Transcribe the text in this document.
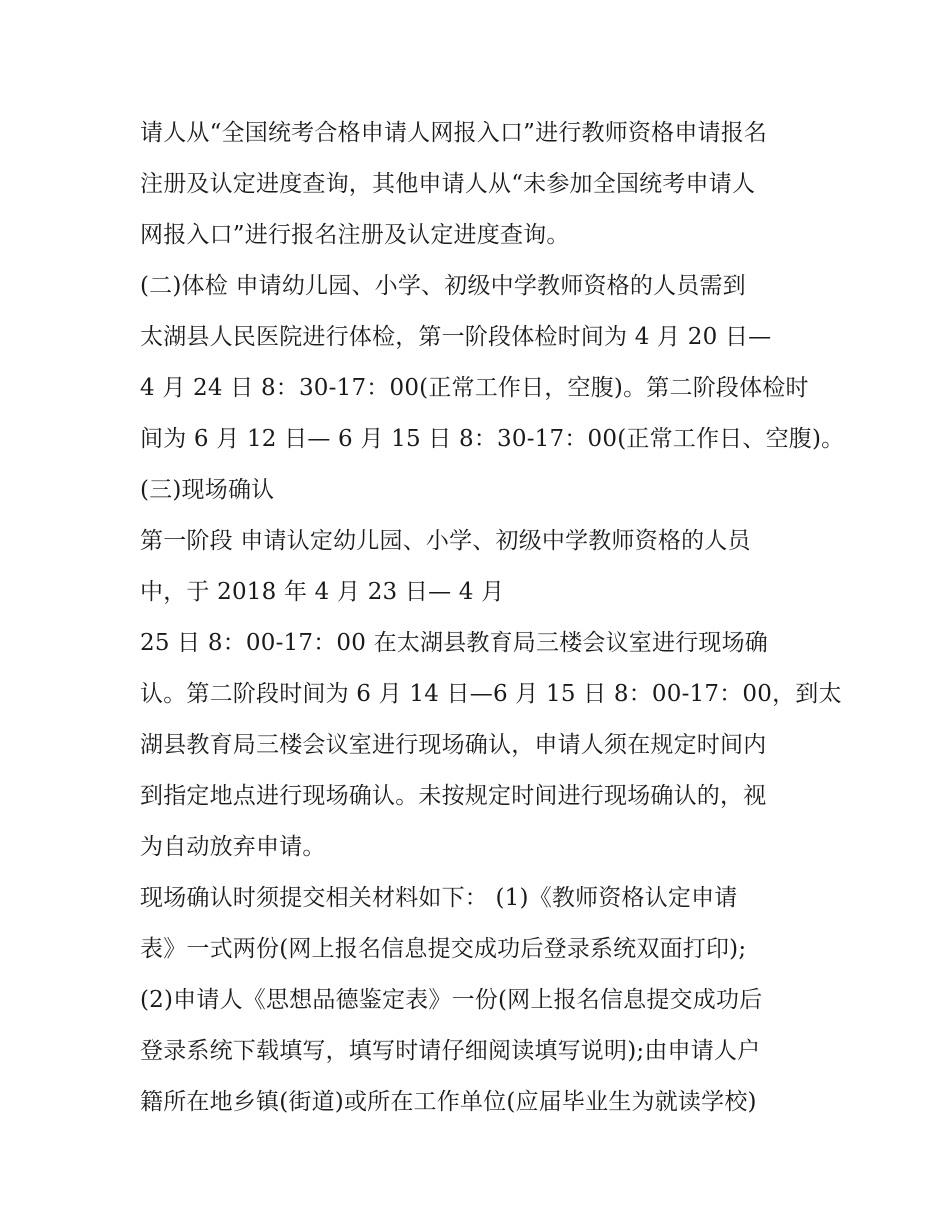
请人从“全国统考合格申请人网报入口”进行教师资格申请报名
注册及认定进度查询，其他申请人从“未参加全国统考申请人
网报入口”进行报名注册及认定进度查询。
(二)体检 申请幼儿园、小学、初级中学教师资格的人员需到
太湖县人民医院进行体检，第一阶段体检时间为 4 月 20 日—
4 月 24 日 8：30-17：00(正常工作日，空腹)。第二阶段体检时
间为 6 月 12 日— 6 月 15 日 8：30-17：00(正常工作日、空腹)。
(三)现场确认
第一阶段 申请认定幼儿园、小学、初级中学教师资格的人员
中，于 2018 年 4 月 23 日— 4 月
25 日 8：00-17：00 在太湖县教育局三楼会议室进行现场确
认。第二阶段时间为 6 月 14 日—6 月 15 日 8：00-17：00，到太
湖县教育局三楼会议室进行现场确认，申请人须在规定时间内
到指定地点进行现场确认。未按规定时间进行现场确认的，视
为自动放弃申请。
现场确认时须提交相关材料如下： (1)《教师资格认定申请
表》一式两份(网上报名信息提交成功后登录系统双面打印);
(2)申请人《思想品德鉴定表》一份(网上报名信息提交成功后
登录系统下载填写，填写时请仔细阅读填写说明);由申请人户
籍所在地乡镇(街道)或所在工作单位(应届毕业生为就读学校)
